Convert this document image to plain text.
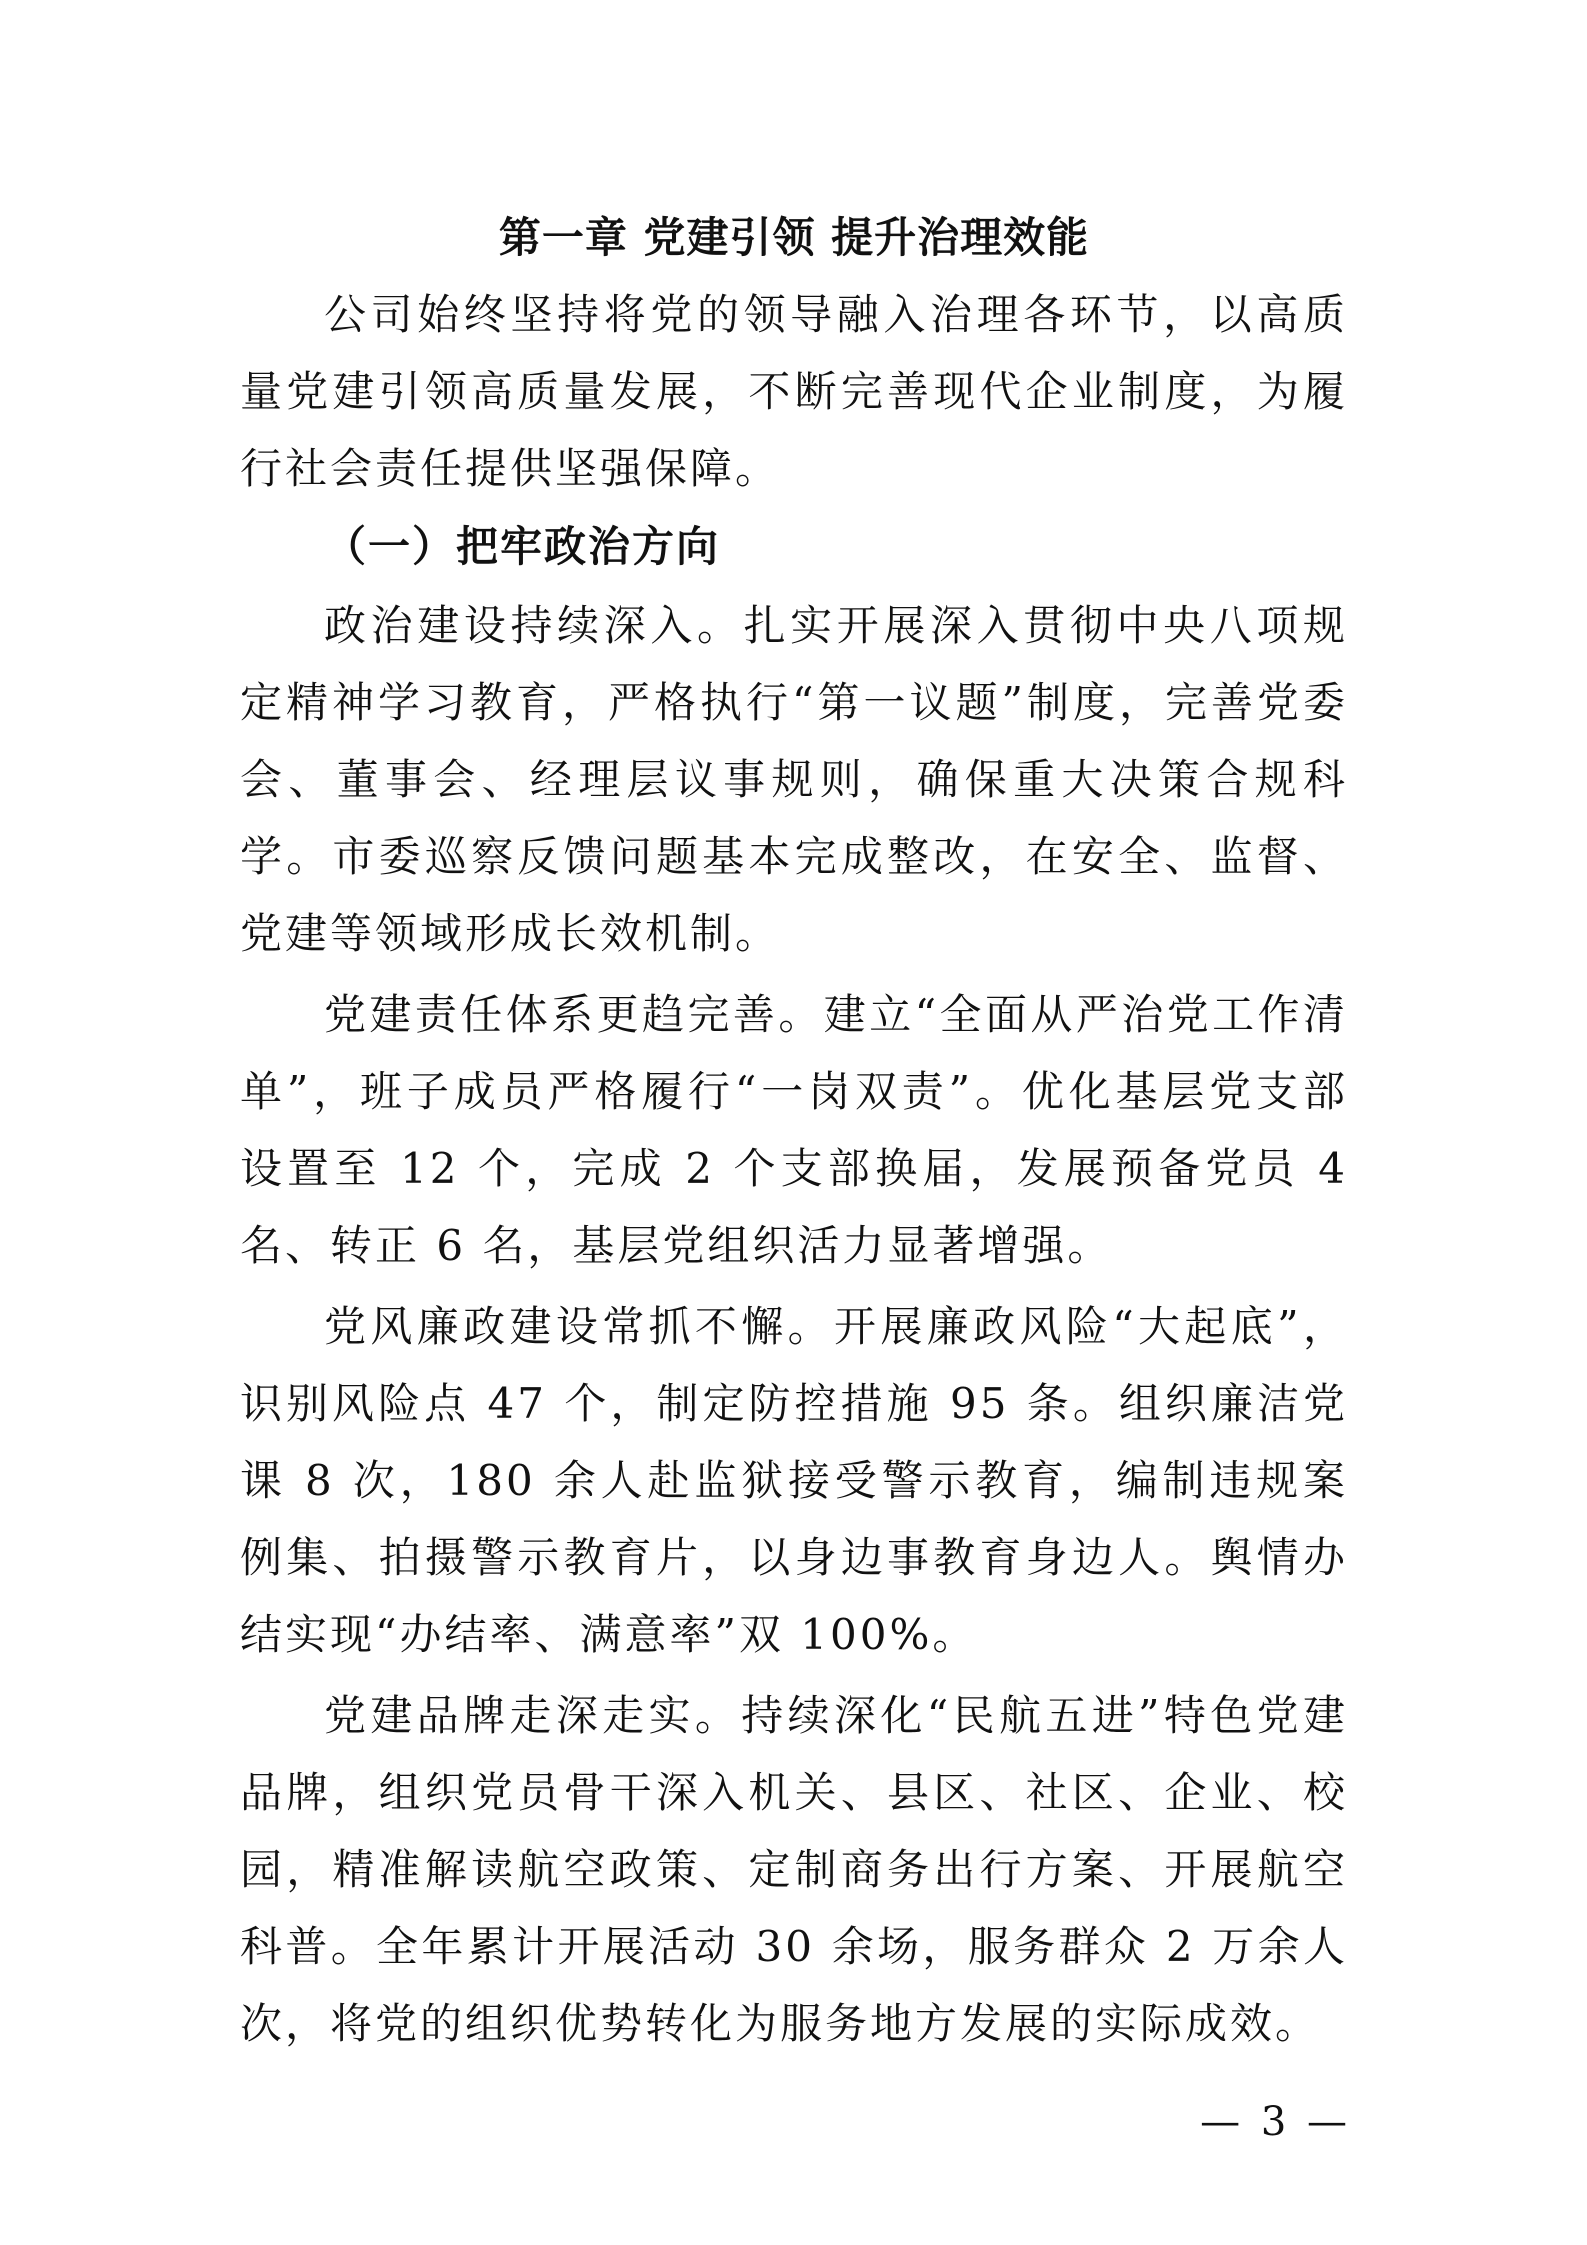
第一章 党建引领 提升治理效能

公司始终坚持将党的领导融入治理各环节，以高质量党建引领高质量发展，不断完善现代企业制度，为履行社会责任提供坚强保障。

（一）把牢政治方向

政治建设持续深入。扎实开展深入贯彻中央八项规定精神学习教育，严格执行“第一议题”制度，完善党委会、董事会、经理层议事规则，确保重大决策合规科学。市委巡察反馈问题基本完成整改，在安全、监督、党建等领域形成长效机制。

党建责任体系更趋完善。建立“全面从严治党工作清单”，班子成员严格履行“一岗双责”。优化基层党支部设置至 12 个，完成 2 个支部换届，发展预备党员 4 名、转正 6 名，基层党组织活力显著增强。

党风廉政建设常抓不懈。开展廉政风险“大起底”，识别风险点 47 个，制定防控措施 95 条。组织廉洁党课 8 次，180 余人赴监狱接受警示教育，编制违规案例集、拍摄警示教育片，以身边事教育身边人。舆情办结实现“办结率、满意率”双 100%。

党建品牌走深走实。持续深化“民航五进”特色党建品牌，组织党员骨干深入机关、县区、社区、企业、校园，精准解读航空政策、定制商务出行方案、开展航空科普。全年累计开展活动 30 余场，服务群众 2 万余人次，将党的组织优势转化为服务地方发展的实际成效。

— 3 —
